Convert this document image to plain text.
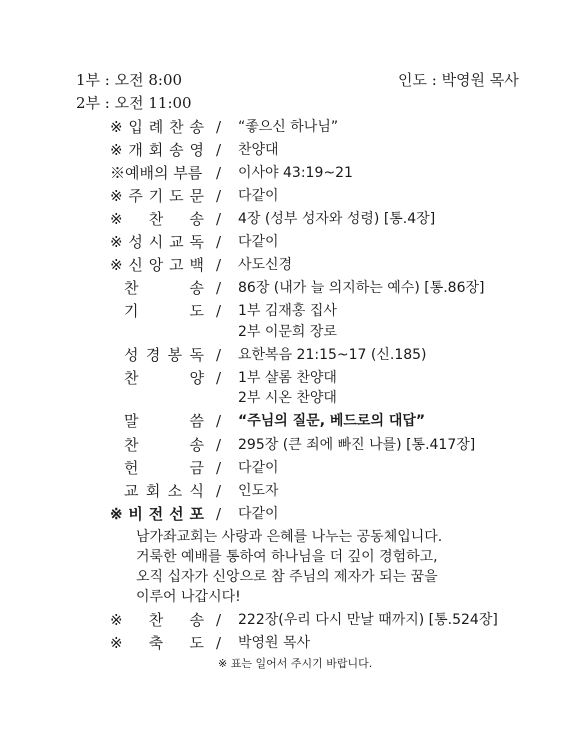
1부 : 오전 8:00
2부 : 오전 11:00
인도 : 박영원 목사
※ 입 례 찬 송 / “좋으신 하나님”
※ 개 회 송 영 / 찬양대
※예배의 부름 / 이사야 43:19~21
※ 주 기 도 문 / 다같이
※ 찬 송 / 4장 (성부 성자와 성령) [통.4장]
※ 성 시 교 독 / 다같이
※ 신 앙 고 백 / 사도신경
찬	송 / 86장 (내가 늘 의지하는 예수) [통.86장]
기	도 / 1부 김재홍 집사
2부 이문희 장로
성 경 봉 독 / 요한복음 21:15~17 (신.185)
찬	양 / 1부 샬롬 찬양대
2부 시온 찬양대
말	씀 / “주님의 질문, 베드로의 대답”
찬	송 / 295장 (큰 죄에 빠진 나를) [통.417장]
헌	금 / 다같이
교 회 소 식 / 인도자
※ 비 전 선 포 / 다같이
남가좌교회는 사랑과 은혜를 나누는 공동체입니다.
거룩한 예배를 통하여 하나님을 더 깊이 경험하고,
오직 십자가 신앙으로 참 주님의 제자가 되는 꿈을
이루어 나갑시다!
※ 찬 송 / 222장(우리 다시 만날 때까지) [통.524장]
※ 축 도 / 박영원 목사
※ 표는 일어서 주시기 바랍니다.
